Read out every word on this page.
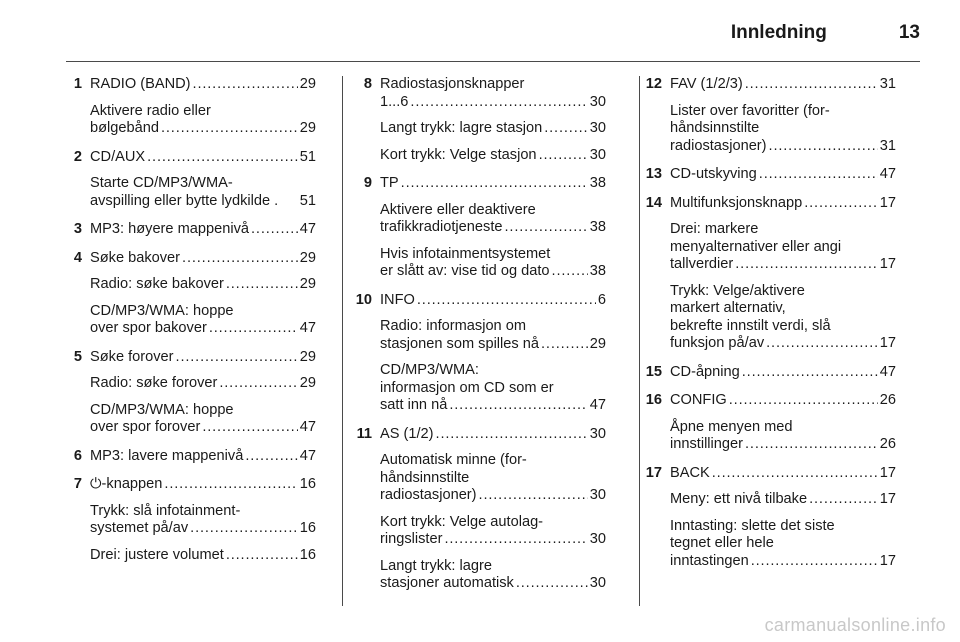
Innledning	13
1 RADIO (BAND) . . .	29
Aktivere radio eller
bølgebånd . . .	29
2 CD/AUX . . .	51
Starte CD/MP3/WMA-
avspilling eller bytte lydkilde . 51
3 MP3: høyere mappenivå . . .	47
4 Søke bakover . . .	29
Radio: søke bakover . . .	29
CD/MP3/WMA: hoppe
over spor bakover . . .	47
5 Søke forover . . .	29
Radio: søke forover . . .	29
CD/MP3/WMA: hoppe
over spor forover . . .	47
6 MP3: lavere mappenivå . . .	47
7 ⏻-knappen . . .	16
Trykk: slå infotainment-
systemet på/av . . .	16
Drei: justere volumet . . .	16
8 Radiostasjonsknapper
1...6 . . .	30
Langt trykk: lagre stasjon . . .	30
Kort trykk: Velge stasjon . . .	30
9 TP . . .	38
Aktivere eller deaktivere
trafikkradiotjeneste . . .	38
Hvis infotainmentsystemet
er slått av: vise tid og dato . . .	38
10 INFO . . .	6
Radio: informasjon om
stasjonen som spilles nå . . .	29
CD/MP3/WMA:
informasjon om CD som er
satt inn nå . . .	47
11 AS (1/2) . . .	30
Automatisk minne (for-
håndsinnstilte
radiostasjoner) . . .	30
Kort trykk: Velge autolag-
ringslister . . .	30
Langt trykk: lagre
stasjoner automatisk . . .	30
12 FAV (1/2/3) . . .	31
Lister over favoritter (for-
håndsinnstilte
radiostasjoner) . . .	31
13 CD-utskyving . . .	47
14 Multifunksjonsknapp . . .	17
Drei: markere
menyalternativer eller angi
tallverdier . . .	17
Trykk: Velge/aktivere
markert alternativ,
bekrefte innstilt verdi, slå
funksjon på/av . . .	17
15 CD-åpning . . .	47
16 CONFIG . . .	26
Åpne menyen med
innstillinger . . .	26
17 BACK . . .	17
Meny: ett nivå tilbake . . .	17
Inntasting: slette det siste
tegnet eller hele
inntastingen . . .	17
carmanualsonline.info
